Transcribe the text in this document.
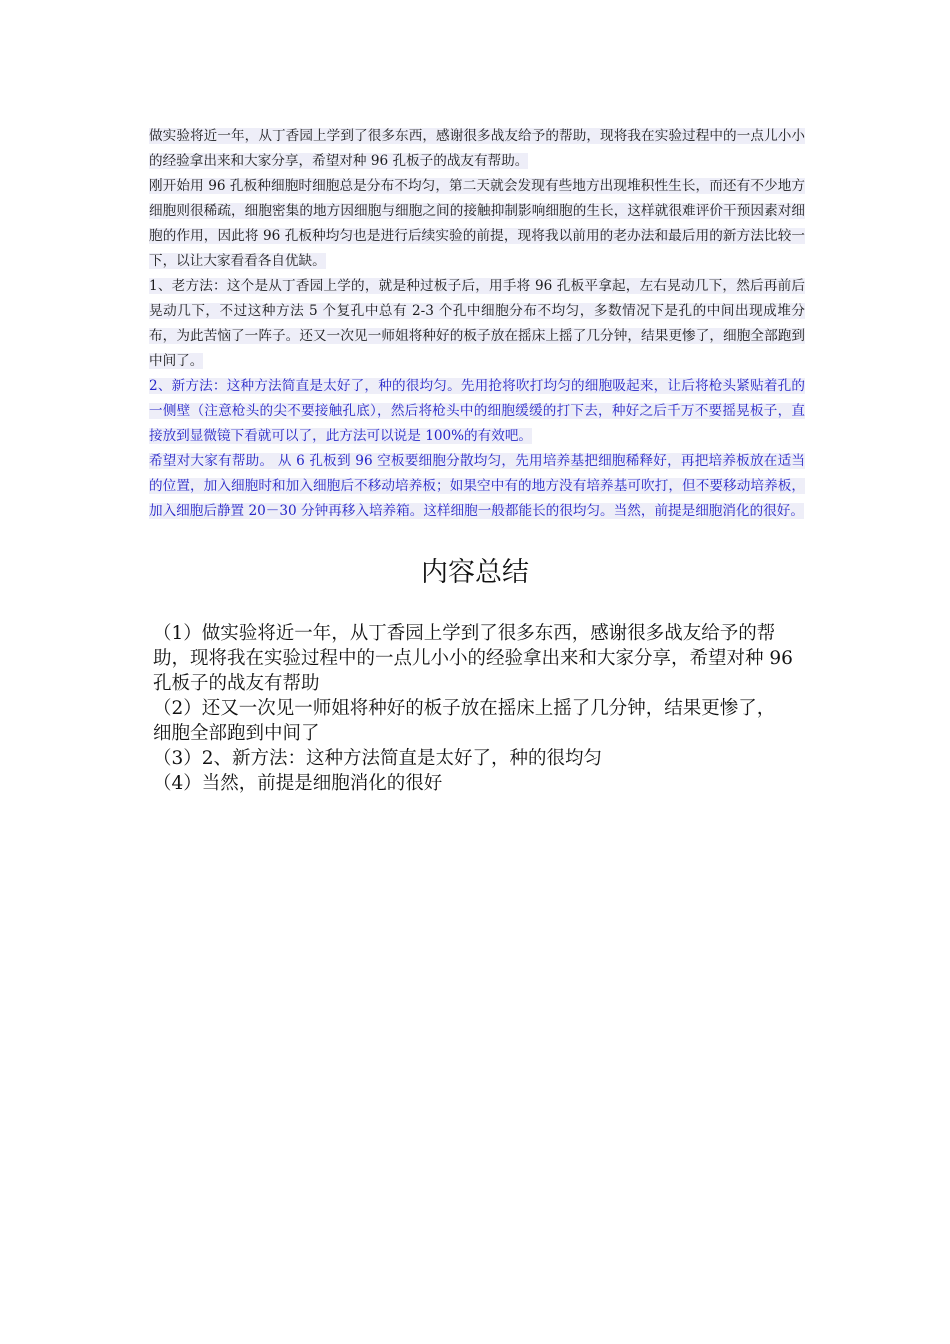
做实验将近一年，从丁香园上学到了很多东西，感谢很多战友给予的帮助，现将我在实验过程中的一点儿小小的经验拿出来和大家分享，希望对种 96 孔板子的战友有帮助。

刚开始用 96 孔板种细胞时细胞总是分布不均匀，第二天就会发现有些地方出现堆积性生长，而还有不少地方细胞则很稀疏，细胞密集的地方因细胞与细胞之间的接触抑制影响细胞的生长，这样就很难评价干预因素对细胞的作用，因此将 96 孔板种均匀也是进行后续实验的前提，现将我以前用的老办法和最后用的新方法比较一下，以让大家看看各自优缺。

1、老方法：这个是从丁香园上学的，就是种过板子后，用手将 96 孔板平拿起，左右晃动几下，然后再前后晃动几下，不过这种方法 5 个复孔中总有 2-3 个孔中细胞分布不均匀，多数情况下是孔的中间出现成堆分布，为此苦恼了一阵子。还又一次见一师姐将种好的板子放在摇床上摇了几分钟，结果更惨了，细胞全部跑到中间了。

2、新方法：这种方法简直是太好了，种的很均匀。先用抢将吹打均匀的细胞吸起来，让后将枪头紧贴着孔的一侧壁（注意枪头的尖不要接触孔底），然后将枪头中的细胞缓缓的打下去，种好之后千万不要摇晃板子，直接放到显微镜下看就可以了，此方法可以说是 100%的有效吧。

希望对大家有帮助。 从 6 孔板到 96 空板要细胞分散均匀，先用培养基把细胞稀释好，再把培养板放在适当的位置，加入细胞时和加入细胞后不移动培养板；如果空中有的地方没有培养基可吹打，但不要移动培养板，加入细胞后静置 20－30 分钟再移入培养箱。这样细胞一般都能长的很均匀。当然，前提是细胞消化的很好。

内容总结
（1）做实验将近一年，从丁香园上学到了很多东西，感谢很多战友给予的帮助，现将我在实验过程中的一点儿小小的经验拿出来和大家分享，希望对种 96 孔板子的战友有帮助
（2）还又一次见一师姐将种好的板子放在摇床上摇了几分钟，结果更惨了，细胞全部跑到中间了
（3）2、新方法：这种方法简直是太好了，种的很均匀
（4）当然，前提是细胞消化的很好
